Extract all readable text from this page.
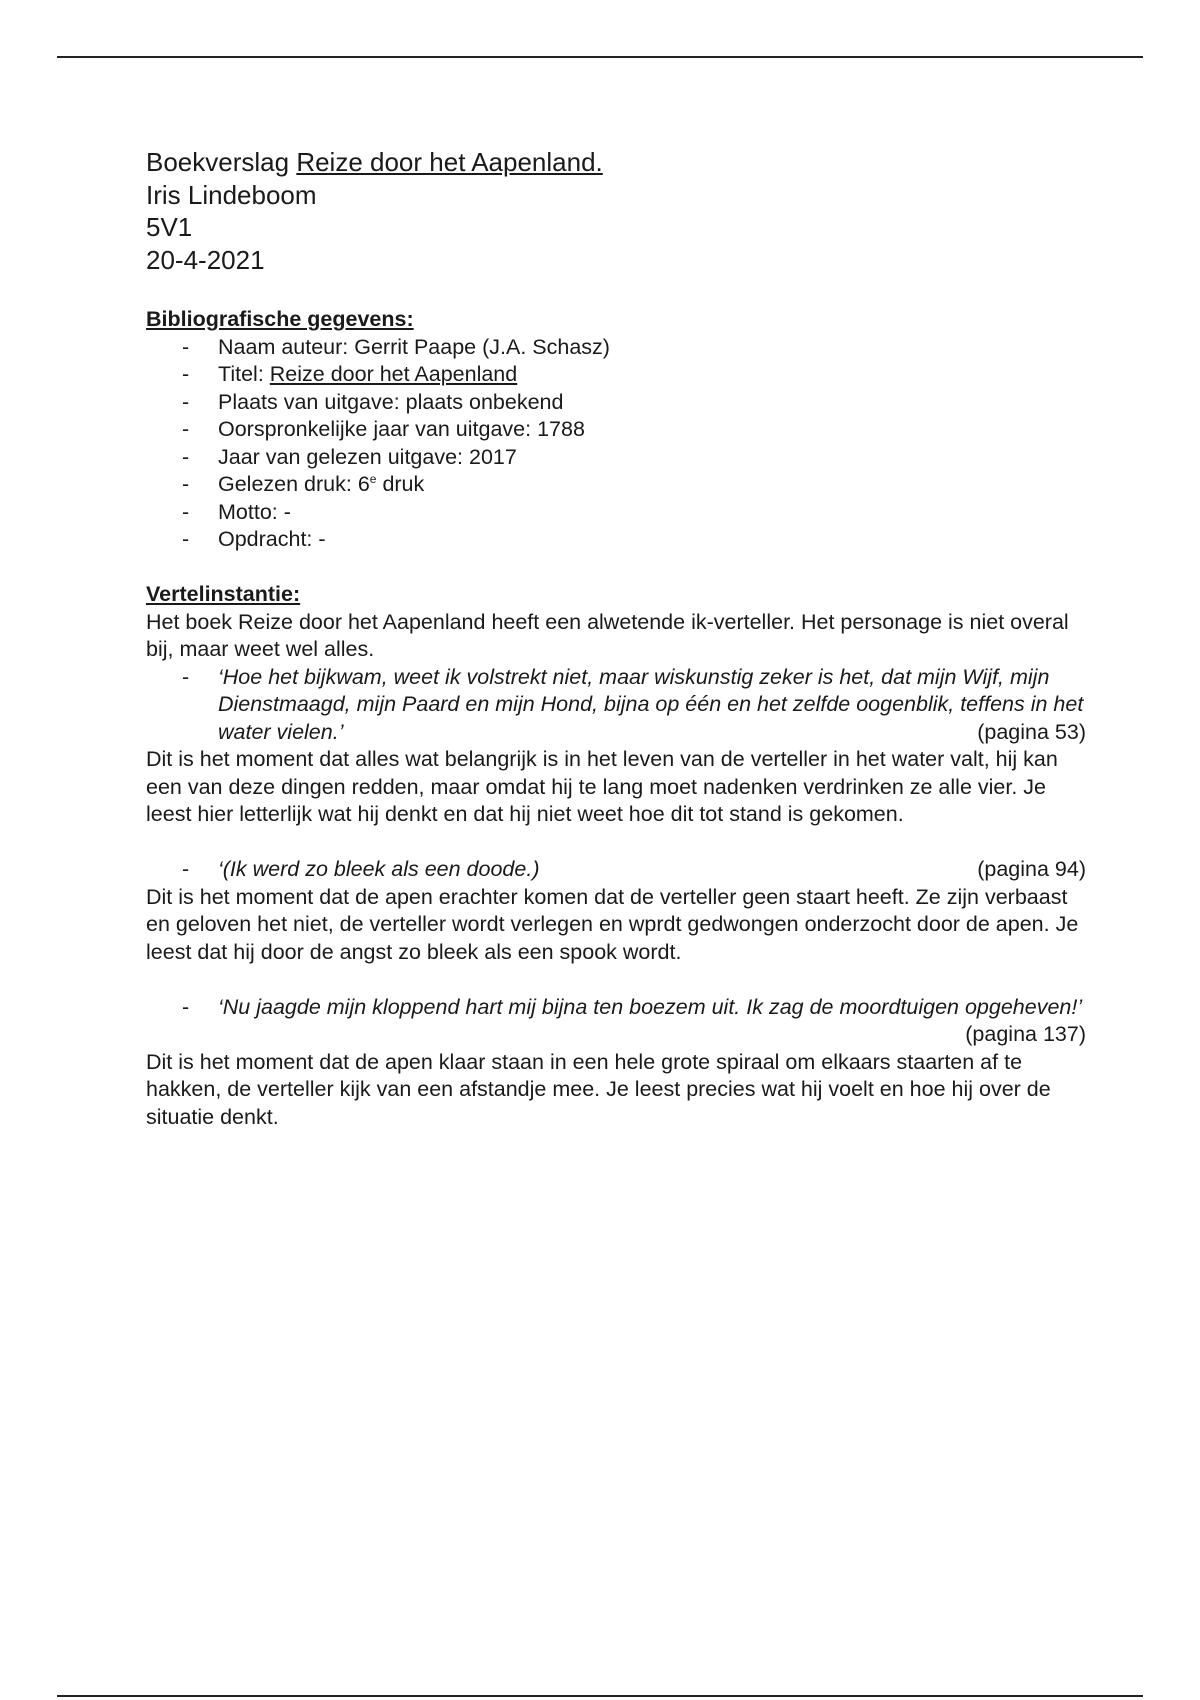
Boekverslag Reize door het Aapenland.

Iris Lindeboom

5V1

20-4-2021

Bibliografische gegevens:

- Naam auteur: Gerrit Paape (J.A. Schasz)
- Titel: Reize door het Aapenland
- Plaats van uitgave: plaats onbekend
- Oorspronkelijke jaar van uitgave: 1788
- Jaar van gelezen uitgave: 2017
- Gelezen druk: 6e druk
- Motto: -
- Opdracht: -

Vertelinstantie:

Het boek Reize door het Aapenland heeft een alwetende ik-verteller. Het personage is niet overal bij, maar weet wel alles.

- ‘Hoe het bijkwam, weet ik volstrekt niet, maar wiskunstig zeker is het, dat mijn Wijf, mijn Dienstmaagd, mijn Paard en mijn Hond, bijna op één en het zelfde oogenblik, teffens in het water vielen.’	(pagina 53)

Dit is het moment dat alles wat belangrijk is in het leven van de verteller in het water valt, hij kan een van deze dingen redden, maar omdat hij te lang moet nadenken verdrinken ze alle vier. Je leest hier letterlijk wat hij denkt en dat hij niet weet hoe dit tot stand is gekomen.

- ‘(Ik werd zo bleek als een doode.)	(pagina 94)

Dit is het moment dat de apen erachter komen dat de verteller geen staart heeft. Ze zijn verbaast en geloven het niet, de verteller wordt verlegen en wprdt gedwongen onderzocht door de apen. Je leest dat hij door de angst zo bleek als een spook wordt.

- ‘Nu jaagde mijn kloppend hart mij bijna ten boezem uit. Ik zag de moordtuigen opgeheven!’
(pagina 137)

Dit is het moment dat de apen klaar staan in een hele grote spiraal om elkaars staarten af te hakken, de verteller kijk van een afstandje mee. Je leest precies wat hij voelt en hoe hij over de situatie denkt.
